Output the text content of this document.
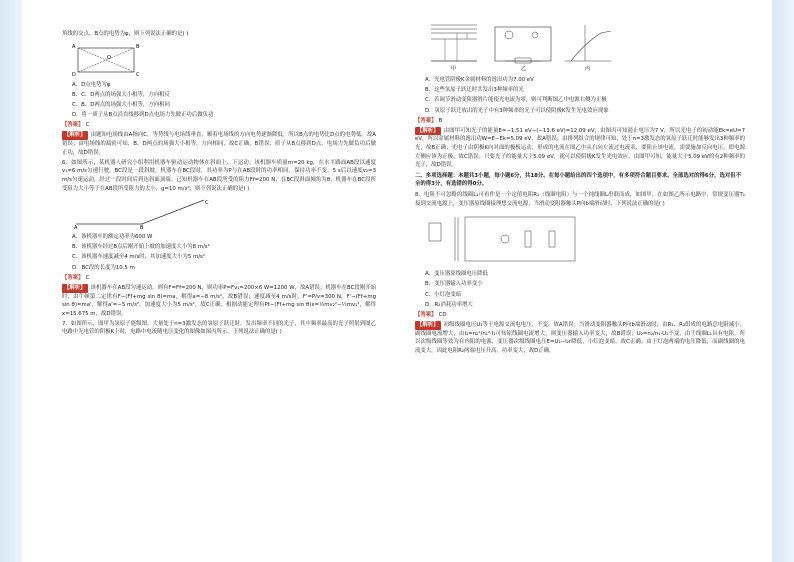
角线的交点。B点的电势为φ，则下列说法正确的是( )

A	B
C
D
O

A．D点电势为φ

B．C、D两点的场强大小相等，方向相反

C．B、D两点的场强大小相等，方向相同

D．将一质子从B点沿直线移到D点电场力先做正功后做负功

【答案】 C

【解析】 由题知电场线由A指向C，等势线与电场线垂直，顺着电场线的方向电势逐渐降低，所以B点的电势比D点的电势低，故A错误；由电场线的疏密可知，B、D两点的场强大小相等，方向相同，故C正确，B错误；质子从B点移到D点，电场力先做负功后做正功，故D错误。

6．如图所示，某机器人研究小组利用机器车驱动运动物体在斜面上、下运动。该机器车质量m=20 kg，在水平路面AB段以速度v₁=6 m/s匀速行驶，BC段是一段斜坡。机器车在BC段时，其功率为P与在AB段时的功率相同，保持功率不变，5 s后以速度v₂=3 m/s匀速运动，经过一段时间后到达斜面顶端。已知机器车在AB段所受的阻力Ff=200 N，在BC段斜面倾角为θ，机器车在BC段所受阻力大小等于在AB段所受阻力的大小，g=10 m/s²，则下列说法正确的是( )

A	B
C

A．该机器车的额定功率为600 W

B．该机器车经过B点后刚开始上坡的加速度大小为8 m/s²

C．该机器车速度减至4 m/s时，其加速度大小为5 m/s²

D．BC段的长度为10.5 m

【答案】 C

【解析】 该机器车在AB段匀速运动，则有F=Ff=200 N，则功率P=Fv₁=200×6 W=1200 W，故A错误；机器车在BC段刚开始时，由牛顿第二定律有F−(Ff+mg sin θ)=ma，解得a=−8 m/s²，故B错误；速度减至4 m/s时，F'=P/v=300 N，F'−(Ff+mg sin θ)=ma'，解得a'=−5 m/s²，加速度大小为5 m/s²，故C正确；根据动能定理有Pt−(Ff+mg sin θ)x=½mv₂²−½mv₁²，解得x=15.675 m，故D错误。

7．如图所示，图甲为氢原子能级图，大量处于n=3激发态的氢原子跃迁时，发出频率不同的光子，其中频率最高的光子照射到图乙电路中光电管的阴极K上时，电路中电流随电压变化的图像如图丙所示。下列说法正确的是( )

甲	乙	丙

A．光电管阴极K金属材料的逸出功为7.00 eV

B．这些氢原子跃迁时共发出3种频率的光

C．若调节滑动变阻器滑片能使光电流为零，则可判断图乙中电源右侧为正极

D．氢原子跃迁放出的光子中有3种频率的光子可以使阴极K发生光电效应现象

【答案】 B

【解析】 由图甲可知光子的能量E=−1.51 eV−(−13.6 eV)=12.09 eV，由图丙可知遏止电压为7 V，所以光电子的初动能Ek=eU=7 eV，所以金属材料的逸出功W=E−Ek=5.09 eV，故A错误；由排列组合的规律可知，处于n=3激发态的氢原子跃迁时能够发出3种频率的光，故B正确；光电子由阴极K向对面的极板运动，形成的电流在图乙中从右向左流过电流表，要阻止该电流，需要施加反向电压，即电源左侧应该为正极，故C错误；只要光子的能量大于5.09 eV，就可以使阴极K发生光电效应，由图甲可知，能量大于5.09 eV的有2种频率的光子，故D错误。

二、多项选择题：本题共3小题，每小题6分，共18分。在每小题给出的四个选项中，有多项符合题目要求。全部选对的得6分，选对但不全的得3分，有选错的得0分。

8．电阻不可忽略的线圈L₁可看作是一个定值电阻R₁（线圈电阻）与一个纯线圈L串联而成，如图甲，在如图乙所示电路中，常规变压器T₁接到交流电源上，变压器原线圈接理想交流电源，当滑动变阻器触头P向b端滑动时，下列说法正确的是( )

A．变压器原线圈电压降低

B．变压器输入功率变小

C．小灯泡变暗

D．R₂消耗功率增大

【答案】 CD

【解析】 初级线圈电压U₁等于电源交流电电压，不变，故A错误；当滑动变阻器触头P向b端滑动时，由R₁、R₂组成的电路总电阻减小，副线圈电流增大，由I₁=n₂²/n₁²·I₂可知原线圈电流增大，则变压器输入功率变大，故B错误；U₂=n₂/n₁·U₁不变，由于线圈L₁具有电阻，所以次级线圈等效为有内阻的电源，变压器次级线圈电压E=U₂−I₂r降低，小灯泡变暗，故C正确；由于灯泡两端的电压降低，而副线圈的电流变大，因此电阻R₂两端电压升高，功率变大，故D正确。
